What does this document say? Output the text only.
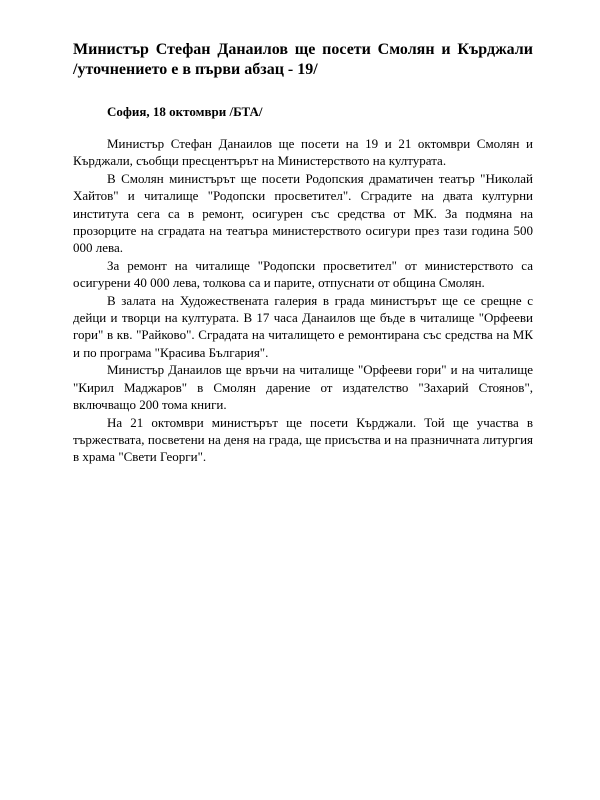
Министър Стефан Данаилов ще посети Смолян и Кърджали
/уточнението е в първи абзац - 19/

София, 18 октомври /БТА/

Министър Стефан Данаилов ще посети на 19 и 21 октомври Смолян и Кърджали, съобщи пресцентърът на Министерството на културата.

В Смолян министърът ще посети Родопския драматичен театър "Николай Хайтов" и читалище "Родопски просветител". Сградите на двата културни института сега са в ремонт, осигурен със средства от МК. За подмяна на прозорците на сградата на театъра министерството осигури през тази година 500 000 лева.

За ремонт на читалище "Родопски просветител" от министерството са осигурени 40 000 лева, толкова са и парите, отпуснати от община Смолян.

В залата на Художествената галерия в града министърът ще се срещне с дейци и творци на културата. В 17 часа Данаилов ще бъде в читалище "Орфееви гори" в кв. "Райково". Сградата на читалището е ремонтирана със средства на МК и по програма "Красива България".

Министър Данаилов ще връчи на читалище "Орфееви гори" и на читалище "Кирил Маджаров" в Смолян дарение от издателство "Захарий Стоянов", включващо 200 тома книги.

На 21 октомври министърът ще посети Кърджали. Той ще участва в тържествата, посветени на деня на града, ще присъства и на празничната литургия в храма "Свети Георги".
